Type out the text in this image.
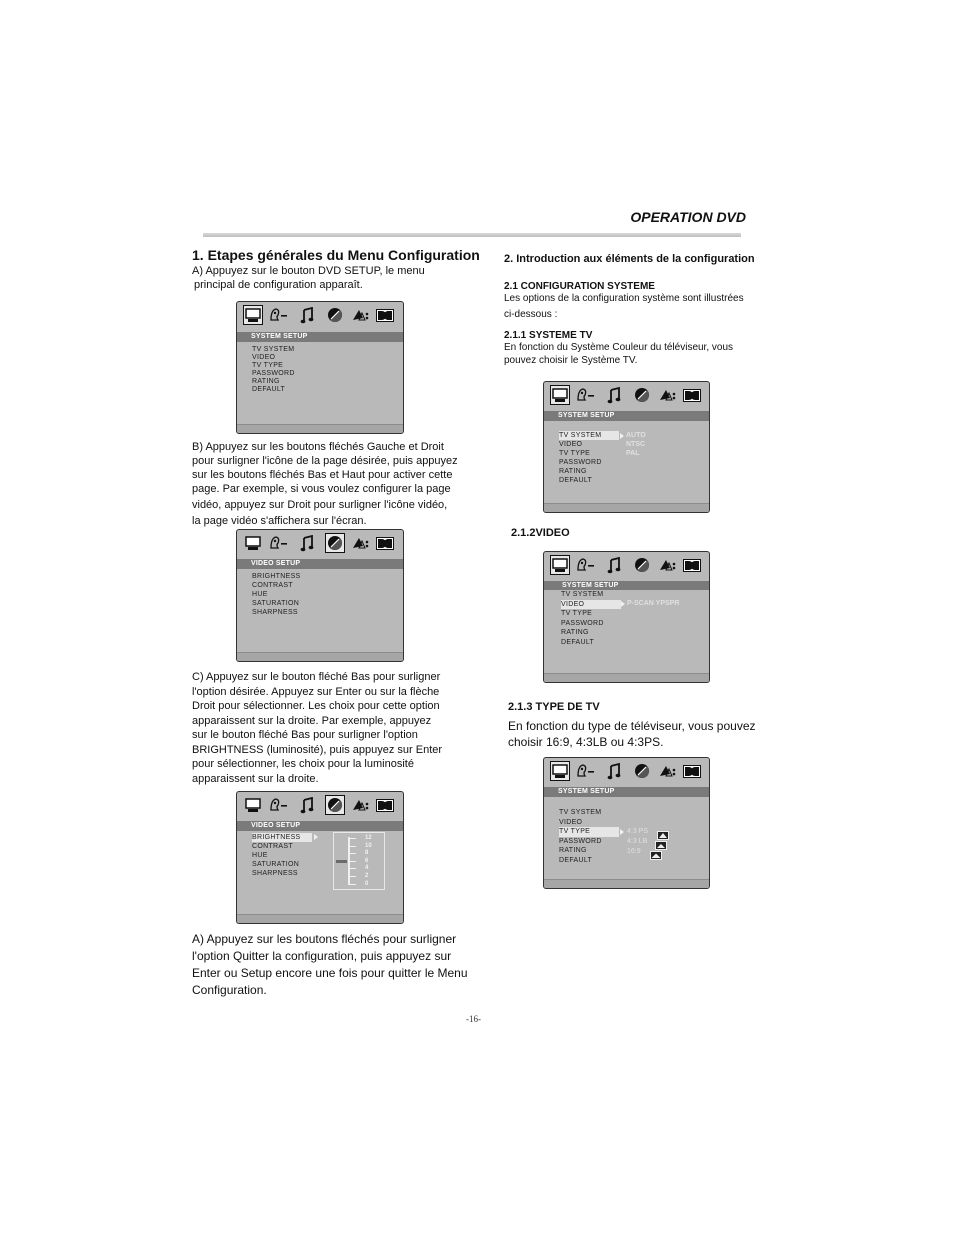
OPERATION DVD
1. Etapes générales du Menu Configuration
A) Appuyez sur le bouton DVD SETUP, le menu
principal de configuration apparaît.
SYSTEM SETUP
TV SYSTEM
VIDEO
TV TYPE
PASSWORD
RATING
DEFAULT
B) Appuyez sur les boutons fléchés Gauche et Droit
pour surligner l'icône de la page désirée, puis appuyez
sur les boutons fléchés Bas et Haut pour activer cette
page. Par exemple, si vous voulez configurer la page
vidéo, appuyez sur Droit pour surligner l'icône vidéo,
la page vidéo s'affichera sur l'écran.
VIDEO SETUP
BRIGHTNESS
CONTRAST
HUE
SATURATION
SHARPNESS
C) Appuyez sur le bouton fléché Bas pour surligner
l'option désirée. Appuyez sur Enter ou sur la flèche
Droit pour sélectionner. Les choix pour cette option
apparaissent sur la droite. Par exemple, appuyez
sur le bouton fléché Bas pour surligner l'option
BRIGHTNESS (luminosité), puis appuyez sur Enter
pour sélectionner, les choix pour la luminosité
apparaissent sur la droite.
VIDEO SETUP
BRIGHTNESS
CONTRAST
HUE
SATURATION
SHARPNESS
12
10
8
6
4
2
0
A) Appuyez sur les boutons fléchés pour surligner
l'option Quitter la configuration, puis appuyez sur
Enter ou Setup encore une fois pour quitter le Menu
Configuration.
2. Introduction aux éléments de la configuration
2.1 CONFIGURATION SYSTEME
Les options de la configuration système sont illustrées
ci-dessous :
2.1.1 SYSTEME TV
En fonction du Système Couleur du téléviseur, vous
pouvez choisir le Système TV.
SYSTEM SETUP
TV SYSTEM
VIDEO
TV TYPE
PASSWORD
RATING
DEFAULT
AUTO
NTSC
PAL
2.1.2VIDEO
SYSTEM SETUP
TV SYSTEM
VIDEO
TV TYPE
PASSWORD
RATING
DEFAULT
P-SCAN YPSPR
2.1.3 TYPE DE TV
En fonction du type de téléviseur, vous pouvez
choisir 16:9, 4:3LB ou 4:3PS.
SYSTEM SETUP
TV SYSTEM
VIDEO
TV TYPE
PASSWORD
RATING
DEFAULT
4:3 PS
4:3 LB
16:9
-16-
